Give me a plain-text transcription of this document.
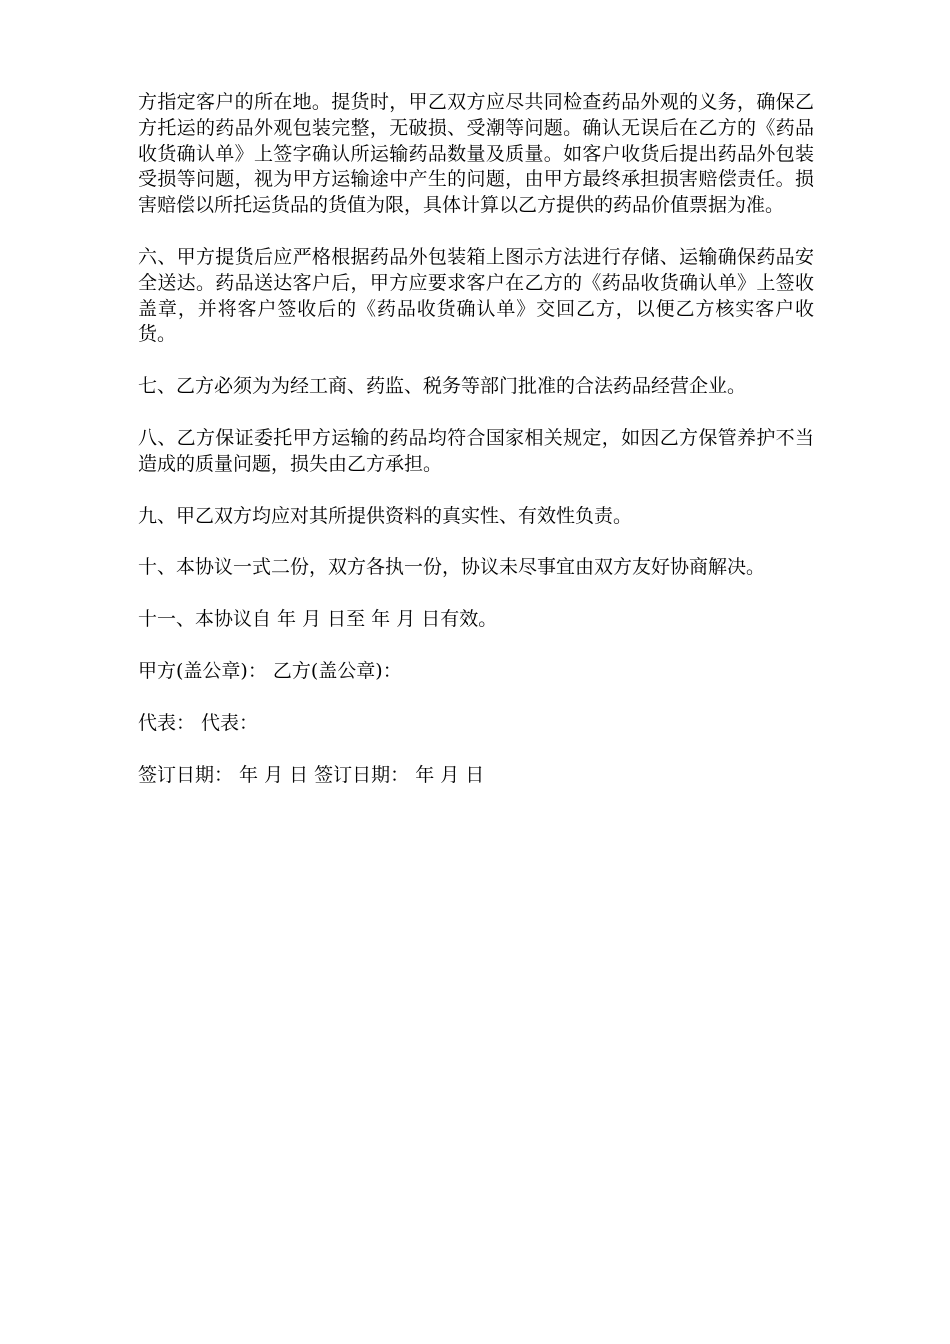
方指定客户的所在地。提货时，甲乙双方应尽共同检查药品外观的义务，确保乙方托运的药品外观包装完整，无破损、受潮等问题。确认无误后在乙方的《药品收货确认单》上签字确认所运输药品数量及质量。如客户收货后提出药品外包装受损等问题，视为甲方运输途中产生的问题，由甲方最终承担损害赔偿责任。损害赔偿以所托运货品的货值为限，具体计算以乙方提供的药品价值票据为准。

六、甲方提货后应严格根据药品外包装箱上图示方法进行存储、运输确保药品安全送达。药品送达客户后，甲方应要求客户在乙方的《药品收货确认单》上签收盖章，并将客户签收后的《药品收货确认单》交回乙方，以便乙方核实客户收货。

七、乙方必须为为经工商、药监、税务等部门批准的合法药品经营企业。

八、乙方保证委托甲方运输的药品均符合国家相关规定，如因乙方保管养护不当造成的质量问题，损失由乙方承担。

九、甲乙双方均应对其所提供资料的真实性、有效性负责。

十、本协议一式二份，双方各执一份，协议未尽事宜由双方友好协商解决。

十一、本协议自 年 月 日至 年 月 日有效。

甲方(盖公章)： 乙方(盖公章)：

代表： 代表：

签订日期： 年 月 日 签订日期： 年 月 日
